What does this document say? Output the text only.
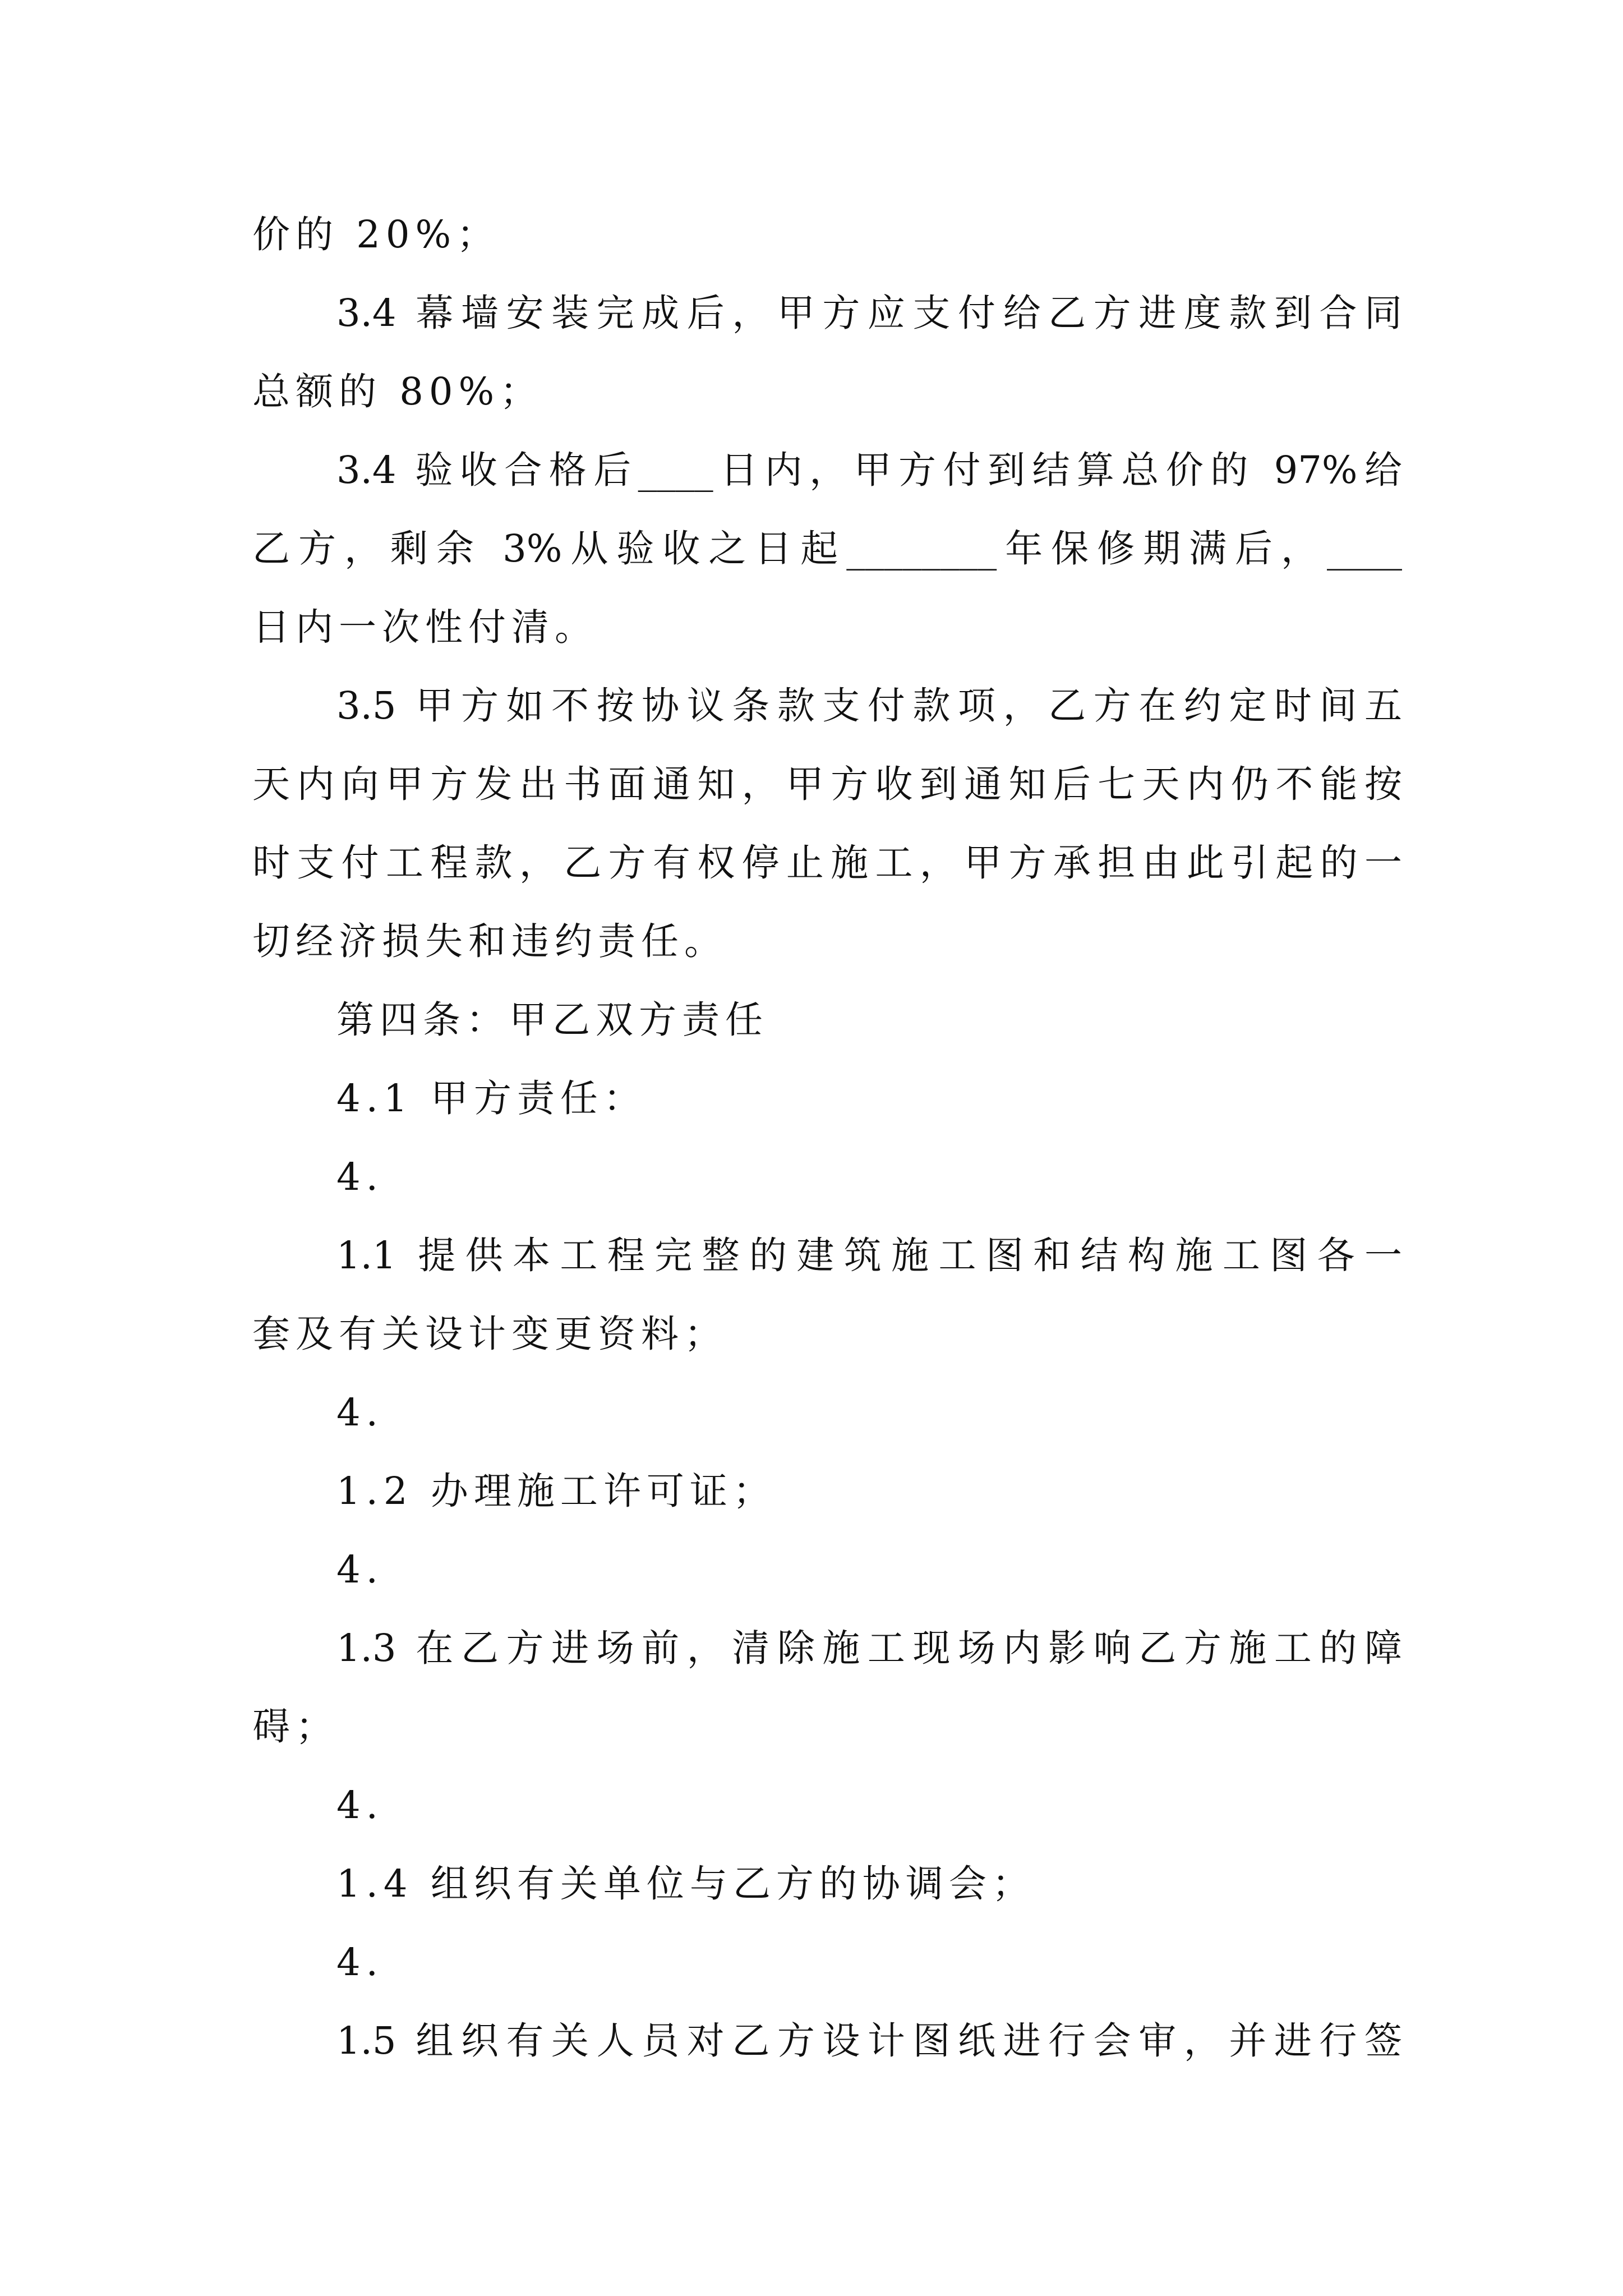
价的 20%；
3.4 幕墙安装完成后，甲方应支付给乙方进度款到合同
总额的 80%；
3.4 验收合格后____日内，甲方付到结算总价的 97%给
乙方，剩余 3%从验收之日起________年保修期满后，____
日内一次性付清。
3.5 甲方如不按协议条款支付款项，乙方在约定时间五
天内向甲方发出书面通知，甲方收到通知后七天内仍不能按
时支付工程款，乙方有权停止施工，甲方承担由此引起的一
切经济损失和违约责任。
第四条：甲乙双方责任
4.1 甲方责任：
4.
1.1 提供本工程完整的建筑施工图和结构施工图各一
套及有关设计变更资料；
4.
1.2 办理施工许可证；
4.
1.3 在乙方进场前，清除施工现场内影响乙方施工的障
碍；
4.
1.4 组织有关单位与乙方的协调会；
4.
1.5 组织有关人员对乙方设计图纸进行会审，并进行签
